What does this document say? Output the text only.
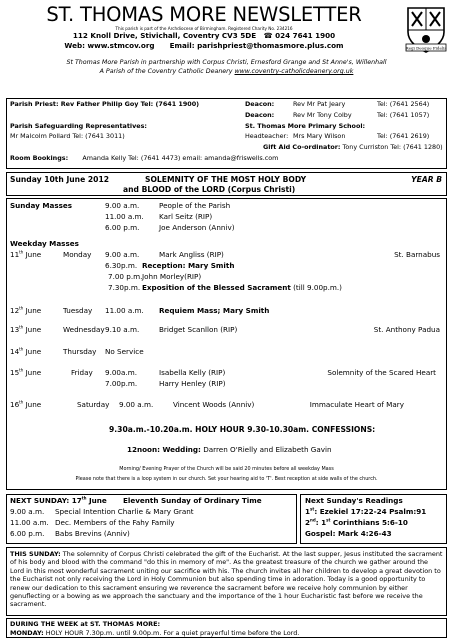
ST. THOMAS MORE NEWSLETTER
Regi Deoque Fidelis
This parish is part of the Archdiocese of Birmingham. Registered Charity No. 234216
112 Knoll Drive, Stivichall, Coventry CV3 5DE ☎ 024 7641 1900
Web: www.stmcov.org Email: parishpriest@thomasmore.plus.com
St Thomas More Parish in partnership with Corpus Christi, Ernesford Grange and St Anne's, Willenhall
A Parish of the Coventry Catholic Deanery www.coventry-catholicdeanery.org.uk
Parish Priest: Rev Father Philip Goy Tel: (7641 1900)
Parish Safeguarding Representatives:
Mr Malcolm Pollard Tel: (7641 3011)
Room Bookings: Amanda Kelly Tel: (7641 4473) email: amanda@friswells.com
Deacon:	Rev Mr Pat Jeary	Tel: (7641 2564)
Deacon:	Rev Mr Tony Colby	Tel: (7641 1057)
St. Thomas More Primary School:
Headteacher: Mrs Mary Wilson	Tel: (7641 2619)
Gift Aid Co-ordinator: Tony Curriston Tel: (7641 1280)
Sunday 10th June 2012	SOLEMNITY OF THE MOST HOLY BODY
and BLOOD of the LORD (Corpus Christi)
YEAR B
Sunday Masses	9.00 a.m.	People of the Parish
11.00 a.m. Karl Seitz (RIP)
6.00 p.m.	Joe Anderson (Anniv)
Weekday Masses
11th June	Monday 9.00 a.m.	Mark Angliss (RIP)	St. Barnabus
6.30p.m. Reception: Mary Smith
7.00 p.m. John Morley(RIP)
7.30p.m. Exposition of the Blessed Sacrament (till 9.00p.m.)
12th June	Tuesday 11.00 a.m. Requiem Mass; Mary Smith
13th June	Wednesday 9.10 a.m.	Bridget Scanllon (RIP)	St. Anthony Padua
14th June	Thursday No Service
15th June	Friday 9.00a.m.	Isabella Kelly (RIP)	Solemnity of the Scared Heart
7.00p.m.	Harry Henley (RIP)
16th June	Saturday 9.00 a.m.	Vincent Woods (Anniv)	Immaculate Heart of Mary
9.30a.m.-10.20a.m. HOLY HOUR 9.30-10.30am. CONFESSIONS:
12noon: Wedding: Darren O'Rielly and Elizabeth Gavin
Morning/ Evening Prayer of the Church will be said 20 minutes before all weekday Mass
Please note that there is a loop system in our church. Set your hearing aid to 'T'. Best reception at side walls of the church.
NEXT SUNDAY: 17th June Eleventh Sunday of Ordinary Time
9.00 a.m. Special Intention Charlie & Mary Grant
11.00 a.m. Dec. Members of the Fahy Family
6.00 p.m. Babs Brevins (Anniv)
Next Sunday's Readings
1st: Ezekiel 17:22-24 Psalm:91
2nd: 1st Corinthians 5:6-10
Gospel: Mark 4:26-43
THIS SUNDAY: The solemnity of Corpus Christi celebrated the gift of the Eucharist. At the last supper, Jesus instituted the sacrament of his body and blood with the command "do this in memory of me". As the greatest treasure of the church we gather around the Lord in this most wonderful sacrament uniting our sacrifice with his. The church invites all her children to develop a great devotion to the Eucharist not only receiving the Lord in Holy Communion but also spending time in adoration. Today is a good opportunity to renew our dedication to this sacrament ensuring we reverence the sacrament before we receive holy communion by either genuflecting or a bowing as we approach the sanctuary and the importance of the 1 hour Eucharistic fast before we receive the sacrament.
DURING THE WEEK at ST. THOMAS MORE:
MONDAY: HOLY HOUR 7.30p.m. until 9.00p.m. For a quiet prayerful time before the Lord.
